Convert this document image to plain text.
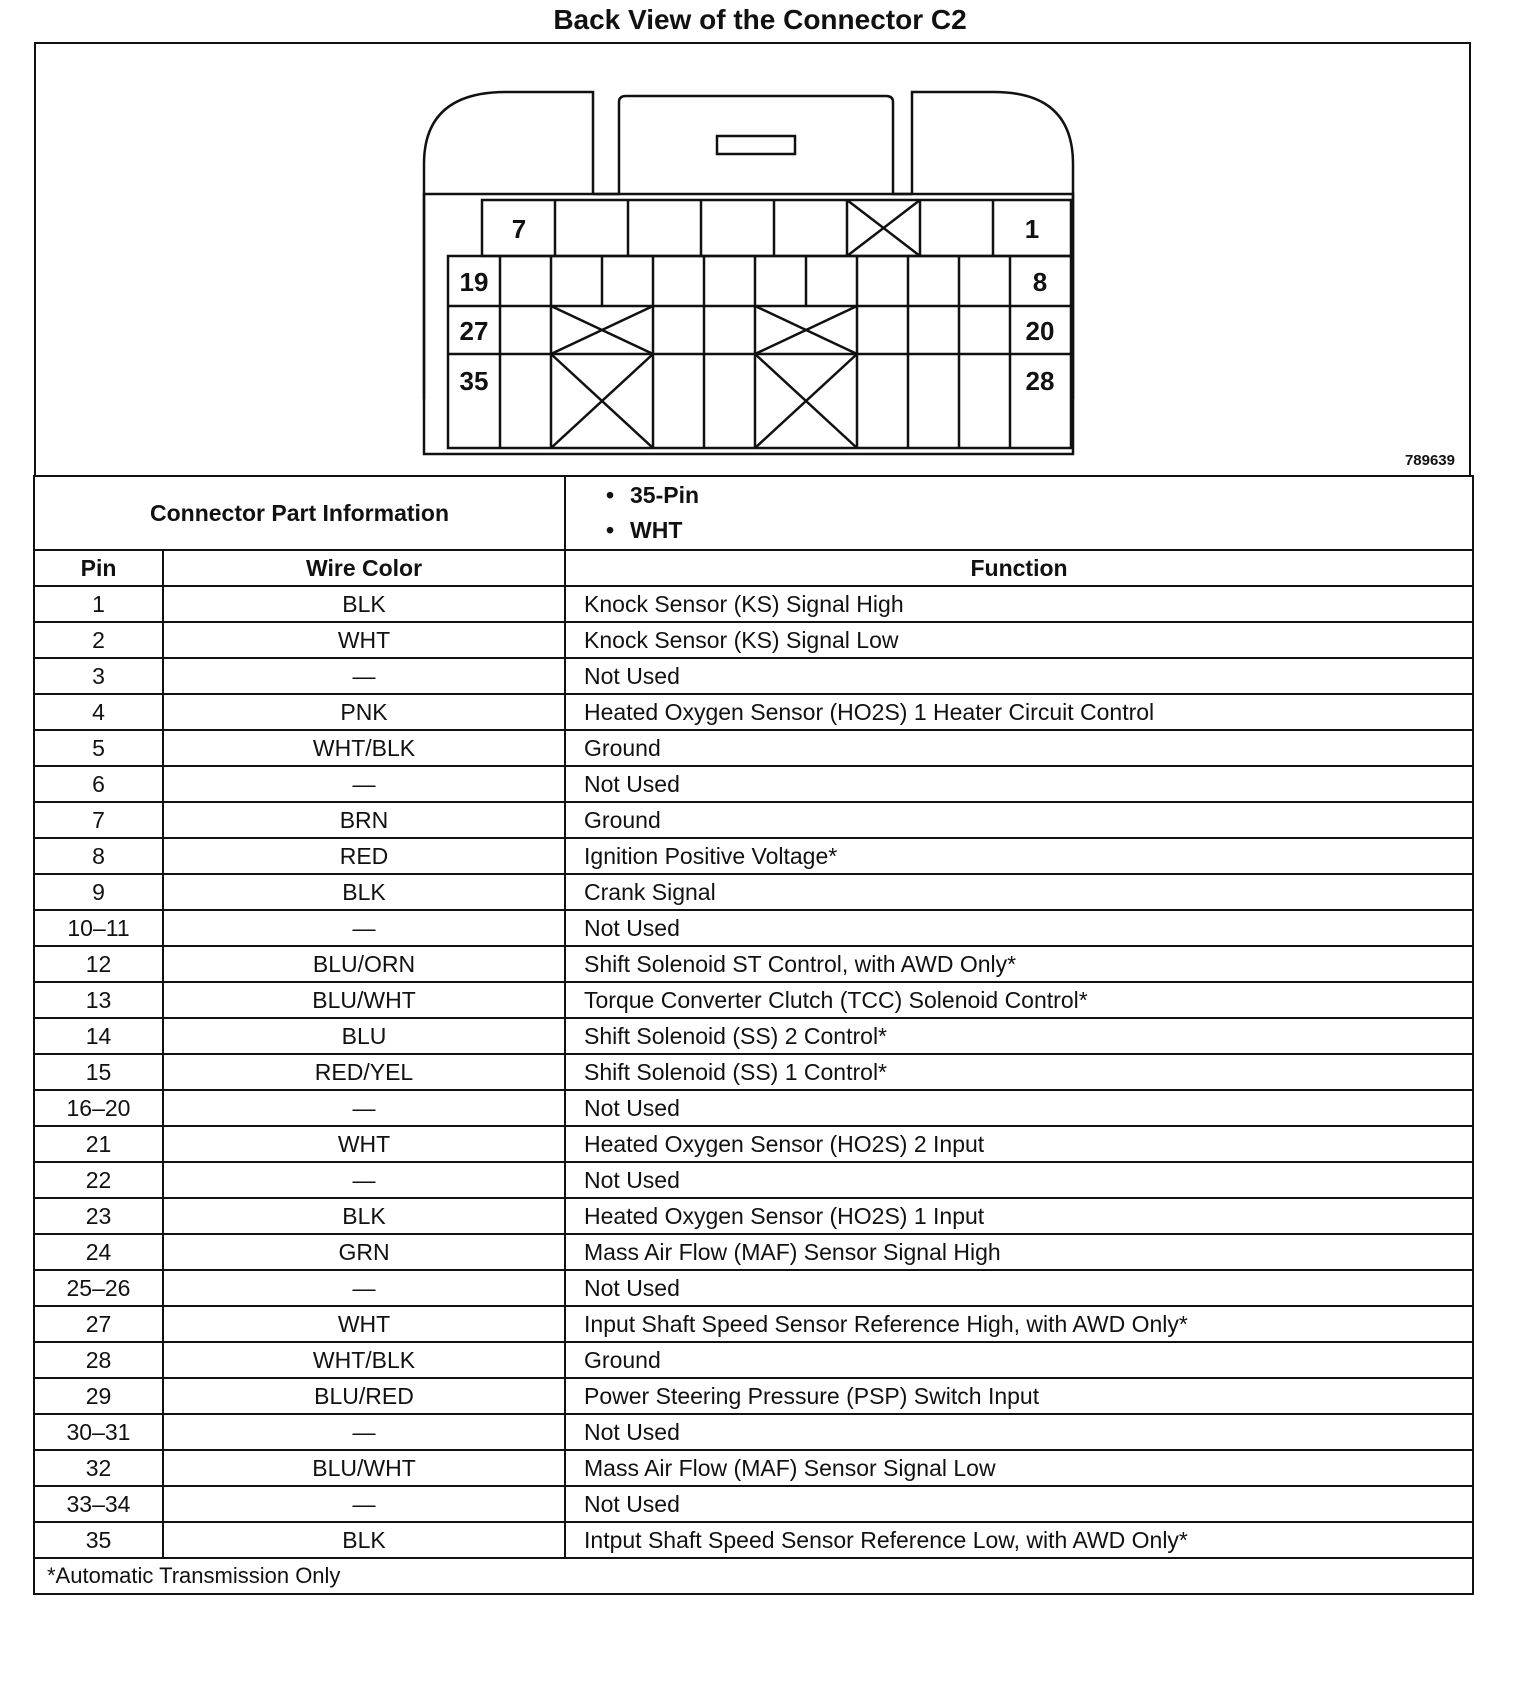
Back View of the Connector C2
7	1
19	8
27	20
35	28
789639
Connector Part Information		• 35-Pin
• WHT

Pin	Wire Color	Function
1	BLK	Knock Sensor (KS) Signal High
2	WHT	Knock Sensor (KS) Signal Low
3	—	Not Used
4	PNK	Heated Oxygen Sensor (HO2S) 1 Heater Circuit Control
5	WHT/BLK	Ground
6	—	Not Used
7	BRN	Ground
8	RED	Ignition Positive Voltage*
9	BLK	Crank Signal
10–11	—	Not Used
12	BLU/ORN	Shift Solenoid ST Control, with AWD Only*
13	BLU/WHT	Torque Converter Clutch (TCC) Solenoid Control*
14	BLU	Shift Solenoid (SS) 2 Control*
15	RED/YEL	Shift Solenoid (SS) 1 Control*
16–20	—	Not Used
21	WHT	Heated Oxygen Sensor (HO2S) 2 Input
22	—	Not Used
23	BLK	Heated Oxygen Sensor (HO2S) 1 Input
24	GRN	Mass Air Flow (MAF) Sensor Signal High
25–26	—	Not Used
27	WHT	Input Shaft Speed Sensor Reference High, with AWD Only*
28	WHT/BLK	Ground
29	BLU/RED	Power Steering Pressure (PSP) Switch Input
30–31	—	Not Used
32	BLU/WHT	Mass Air Flow (MAF) Sensor Signal Low
33–34	—	Not Used
35	BLK	Intput Shaft Speed Sensor Reference Low, with AWD Only*
*Automatic Transmission Only		
